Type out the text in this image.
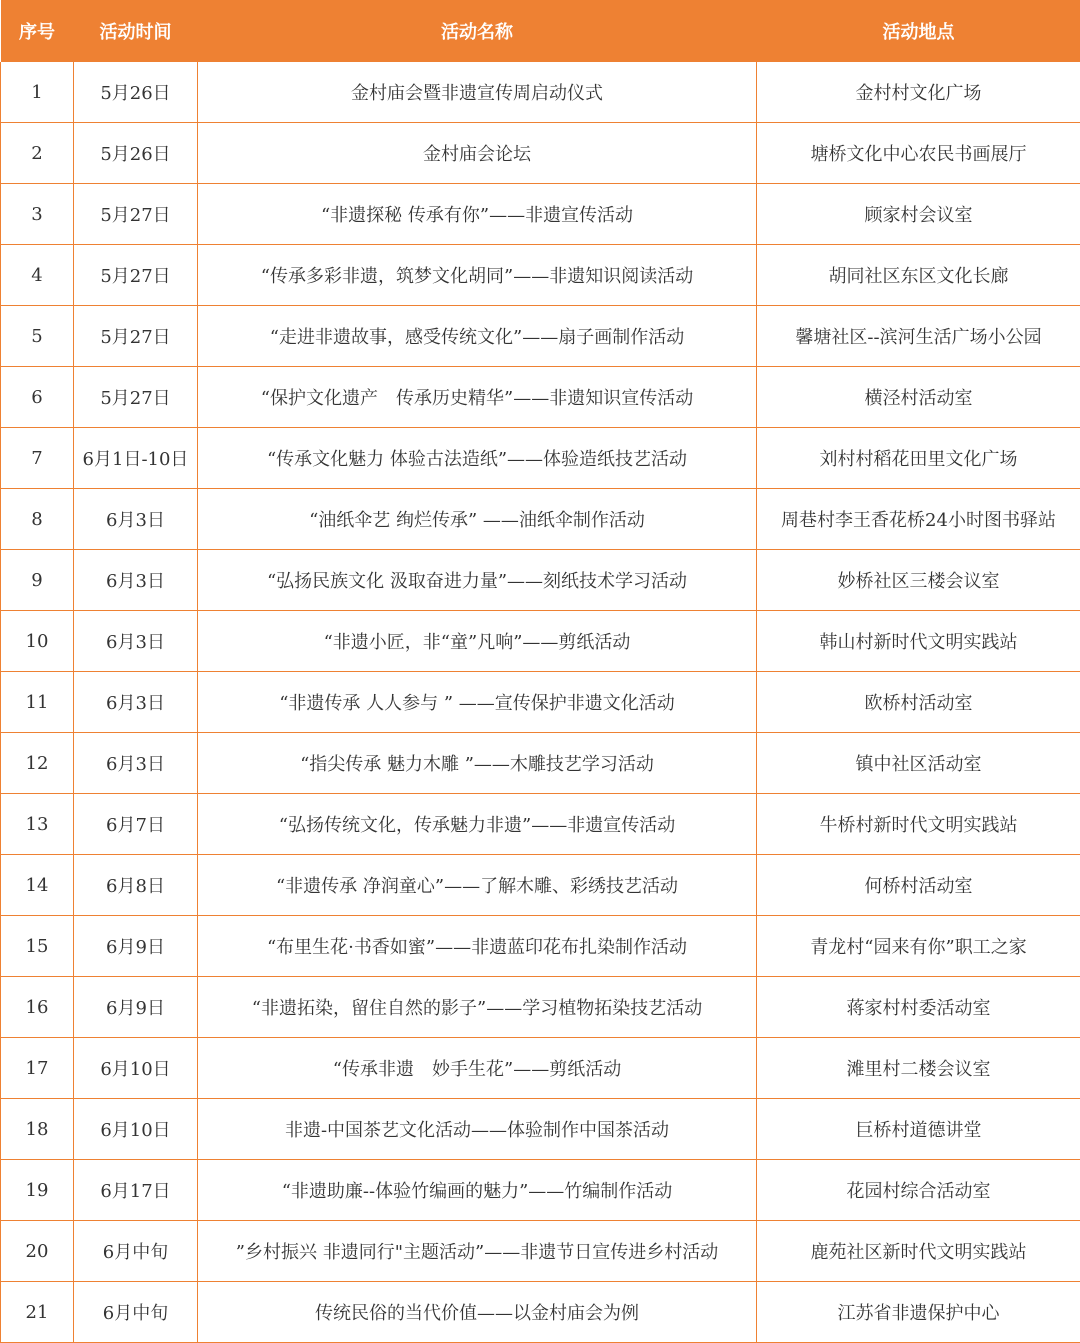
序号	活动时间	活动名称	活动地点
1	5月26日	金村庙会暨非遗宣传周启动仪式	金村村文化广场
2	5月26日	金村庙会论坛	塘桥文化中心农民书画展厅
3	5月27日	“非遗探秘 传承有你”——非遗宣传活动	顾家村会议室
4	5月27日	“传承多彩非遗，筑梦文化胡同”——非遗知识阅读活动	胡同社区东区文化长廊
5	5月27日	“走进非遗故事，感受传统文化”——扇子画制作活动	馨塘社区--滨河生活广场小公园
6	5月27日	“保护文化遗产　传承历史精华”——非遗知识宣传活动	横泾村活动室
7	6月1日-10日	“传承文化魅力 体验古法造纸”——体验造纸技艺活动	刘村村稻花田里文化广场
8	6月3日	“油纸伞艺 绚烂传承” ——油纸伞制作活动	周巷村李王香花桥24小时图书驿站
9	6月3日	“弘扬民族文化 汲取奋进力量”——刻纸技术学习活动	妙桥社区三楼会议室
10	6月3日	“非遗小匠，非“童”凡响”——剪纸活动	韩山村新时代文明实践站
11	6月3日	“非遗传承 人人参与 ” ——宣传保护非遗文化活动	欧桥村活动室
12	6月3日	“指尖传承 魅力木雕 ”——木雕技艺学习活动	镇中社区活动室
13	6月7日	“弘扬传统文化，传承魅力非遗”——非遗宣传活动	牛桥村新时代文明实践站
14	6月8日	“非遗传承 净润童心”——了解木雕、彩绣技艺活动	何桥村活动室
15	6月9日	“布里生花·书香如蜜”——非遗蓝印花布扎染制作活动	青龙村“园来有你”职工之家
16	6月9日	“非遗拓染，留住自然的影子”——学习植物拓染技艺活动	蒋家村村委活动室
17	6月10日	“传承非遗　妙手生花”——剪纸活动	滩里村二楼会议室
18	6月10日	非遗-中国茶艺文化活动——体验制作中国茶活动	巨桥村道德讲堂
19	6月17日	“非遗助廉--体验竹编画的魅力”——竹编制作活动	花园村综合活动室
20	6月中旬	”乡村振兴 非遗同行"主题活动”——非遗节日宣传进乡村活动	鹿苑社区新时代文明实践站
21	6月中旬	传统民俗的当代价值——以金村庙会为例	江苏省非遗保护中心
